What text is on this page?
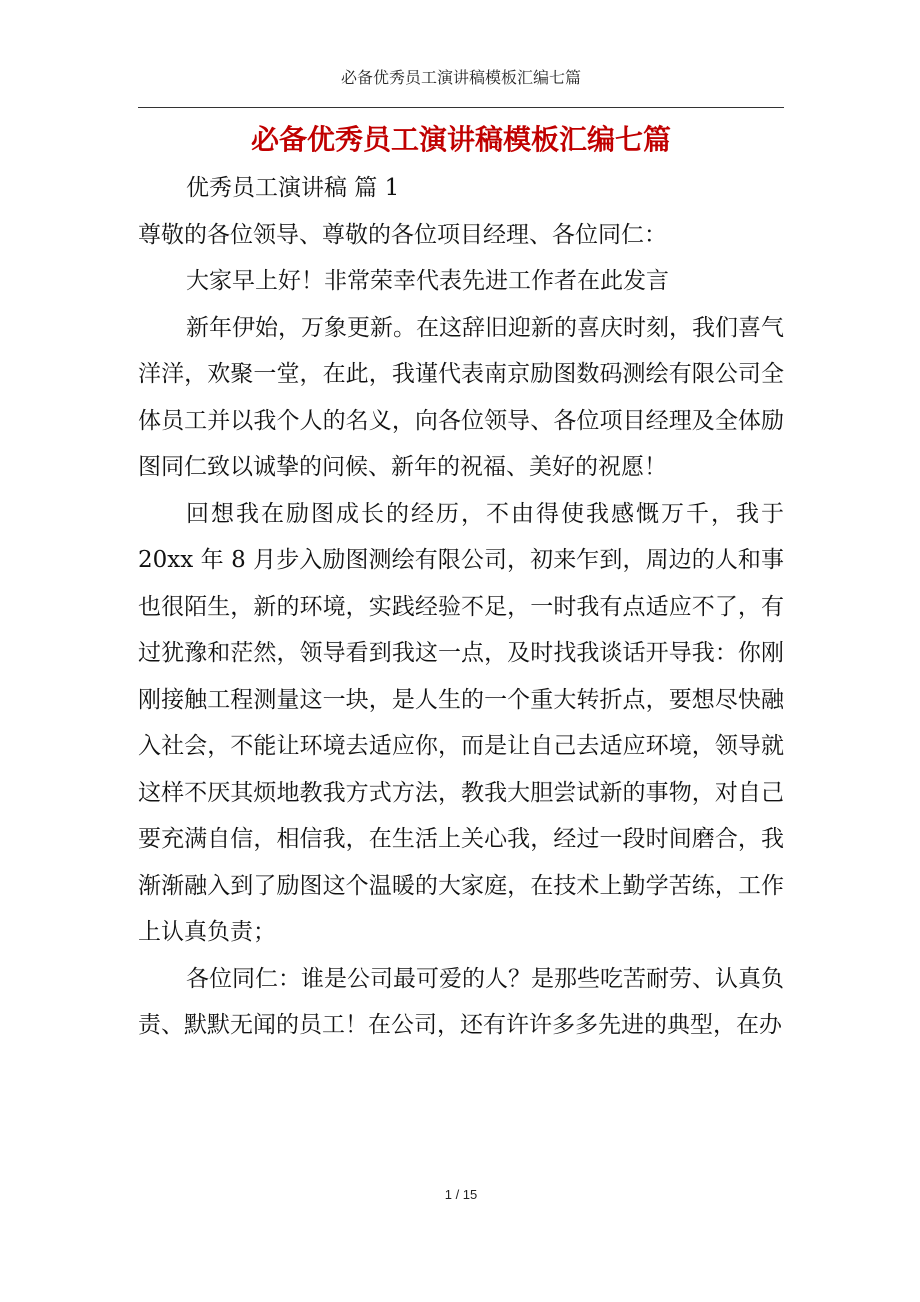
必备优秀员工演讲稿模板汇编七篇
必备优秀员工演讲稿模板汇编七篇

优秀员工演讲稿 篇 1

尊敬的各位领导、尊敬的各位项目经理、各位同仁：

大家早上好！非常荣幸代表先进工作者在此发言

新年伊始，万象更新。在这辞旧迎新的喜庆时刻，我们喜气洋洋，欢聚一堂，在此，我谨代表南京励图数码测绘有限公司全体员工并以我个人的名义，向各位领导、各位项目经理及全体励图同仁致以诚挚的问候、新年的祝福、美好的祝愿！

回想我在励图成长的经历，不由得使我感慨万千，我于20xx 年 8 月步入励图测绘有限公司，初来乍到，周边的人和事也很陌生，新的环境，实践经验不足，一时我有点适应不了，有过犹豫和茫然，领导看到我这一点，及时找我谈话开导我：你刚刚接触工程测量这一块，是人生的一个重大转折点，要想尽快融入社会，不能让环境去适应你，而是让自己去适应环境，领导就这样不厌其烦地教我方式方法，教我大胆尝试新的事物，对自己要充满自信，相信我，在生活上关心我，经过一段时间磨合，我渐渐融入到了励图这个温暖的大家庭，在技术上勤学苦练，工作上认真负责；

各位同仁：谁是公司最可爱的人？是那些吃苦耐劳、认真负责、默默无闻的员工！在公司，还有许许多多先进的典型，在办

1 / 15
